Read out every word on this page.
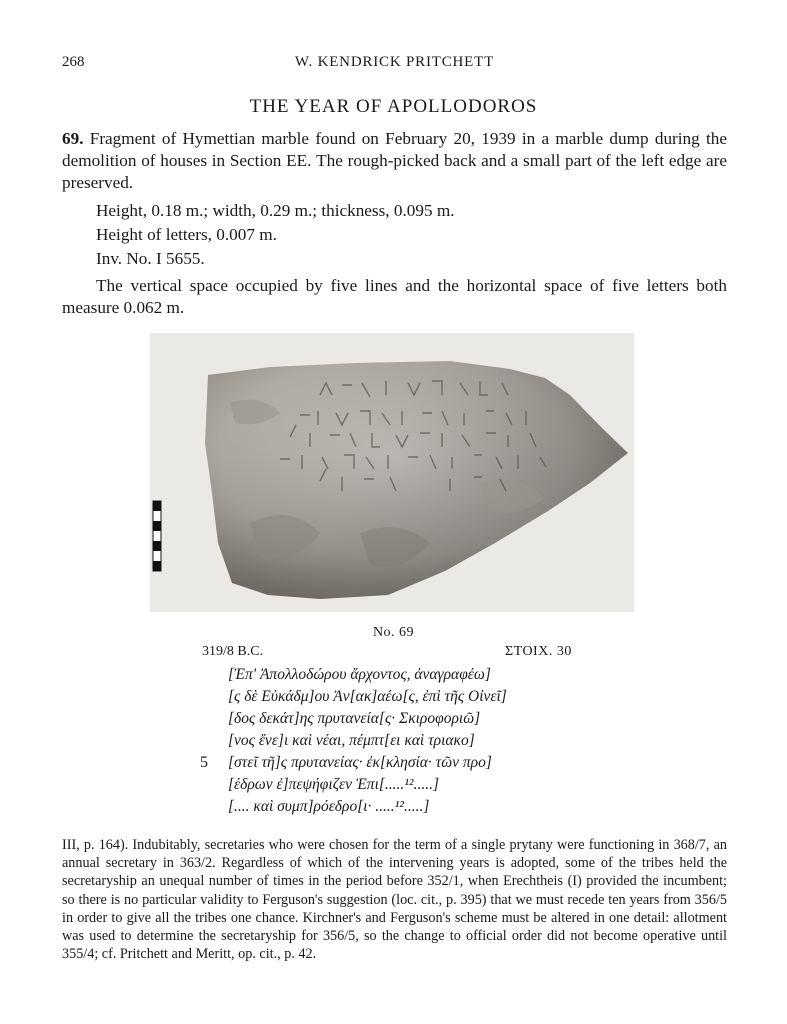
268	W. KENDRICK PRITCHETT
THE YEAR OF APOLLODOROS
69. Fragment of Hymettian marble found on February 20, 1939 in a marble dump during the demolition of houses in Section ΕΕ. The rough-picked back and a small part of the left edge are preserved.
Height, 0.18 m.; width, 0.29 m.; thickness, 0.095 m.
Height of letters, 0.007 m.
Inv. No. I 5655.
The vertical space occupied by five lines and the horizontal space of five letters both measure 0.062 m.
No. 69
319/8 B.C.	ΣΤΟΙΧ. 30
5
[Ἐπ' Ἀπολλοδώρου ἄρχοντος, ἀναγραφέω]
[ς δὲ Εὐκάδμ]ου Ἀν[ακ]αέω[ς, ἐπὶ τῆς Οἰνεῖ]
[δος δεκάτ]ης πρυτανεία[ς· Σκιροφοριῶ]
[νος ἔνε]ι καὶ νέαι, πέμπτ[ει καὶ τριακο]
[στεῖ τῆ]ς πρυτανείας· ἐκ[κλησία· τῶν προ]
[έδρων ἐ]πεψήφιζεν Ἐπι[.....¹².....]
[.... καὶ συμπ]ρόεδρο[ι· .....¹².....]
III, p. 164). Indubitably, secretaries who were chosen for the term of a single prytany were functioning in 368/7, an annual secretary in 363/2. Regardless of which of the intervening years is adopted, some of the tribes held the secretaryship an unequal number of times in the period before 352/1, when Erechtheis (I) provided the incumbent; so there is no particular validity to Ferguson's suggestion (loc. cit., p. 395) that we must recede ten years from 356/5 in order to give all the tribes one chance. Kirchner's and Ferguson's scheme must be altered in one detail: allotment was used to determine the secretaryship for 356/5, so the change to official order did not become operative until 355/4; cf. Pritchett and Meritt, op. cit., p. 42.
